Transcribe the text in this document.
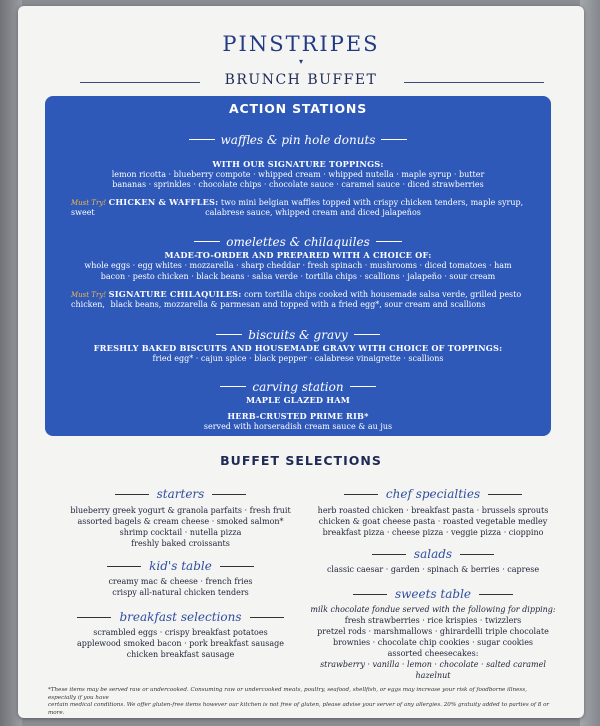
PINSTRIPES
▾
BRUNCH BUFFET
ACTION STATIONS
waffles & pin hole donuts
WITH OUR SIGNATURE TOPPINGS:
lemon ricotta · blueberry compote · whipped cream · whipped nutella · maple syrup · butter
bananas · sprinkles · chocolate chips · chocolate sauce · caramel sauce · diced strawberries
Must Try! CHICKEN & WAFFLES: two mini belgian waffles topped with crispy chicken tenders, maple syrup, sweet	calabrese sauce, whipped cream and diced jalapeños
omelettes & chilaquiles
MADE-TO-ORDER AND PREPARED WITH A CHOICE OF:
whole eggs · egg whites · mozzarella · sharp cheddar · fresh spinach · mushrooms · diced tomatoes · ham
bacon · pesto chicken · black beans · salsa verde · tortilla chips · scallions · jalapeño · sour cream
Must Try! SIGNATURE CHILAQUILES: corn tortilla chips cooked with housemade salsa verde, grilled pesto chicken, black beans, mozzarella & parmesan and topped with a fried egg*, sour cream and scallions
biscuits & gravy
FRESHLY BAKED BISCUITS AND HOUSEMADE GRAVY WITH CHOICE OF TOPPINGS:
fried egg* · cajun spice · black pepper · calabrese vinaigrette · scallions
carving station
MAPLE GLAZED HAM
HERB-CRUSTED PRIME RIB*
served with horseradish cream sauce & au jus
BUFFET SELECTIONS
starters
blueberry greek yogurt & granola parfaits · fresh fruit
assorted bagels & cream cheese · smoked salmon*
shrimp cocktail · nutella pizza
freshly baked croissants
kid's table
creamy mac & cheese · french fries
crispy all-natural chicken tenders
breakfast selections
scrambled eggs · crispy breakfast potatoes
applewood smoked bacon · pork breakfast sausage
chicken breakfast sausage
chef specialties
herb roasted chicken · breakfast pasta · brussels sprouts
chicken & goat cheese pasta · roasted vegetable medley
breakfast pizza · cheese pizza · veggie pizza · cioppino
salads
classic caesar · garden · spinach & berries · caprese
sweets table
milk chocolate fondue served with the following for dipping:
fresh strawberries · rice krispies · twizzlers
pretzel rods · marshmallows · ghirardelli triple chocolate
brownies · chocolate chip cookies · sugar cookies
assorted cheesecakes:
strawberry · vanilla · lemon · chocolate · salted caramel hazelnut
*These items may be served raw or undercooked. Consuming raw or undercooked meats, poultry, seafood, shellfish, or eggs may increase your risk of foodborne illness, especially if you have
certain medical conditions. We offer gluten-free items however our kitchen is not free of gluten, please advise your server of any allergies. 20% gratuity added to parties of 8 or more.
